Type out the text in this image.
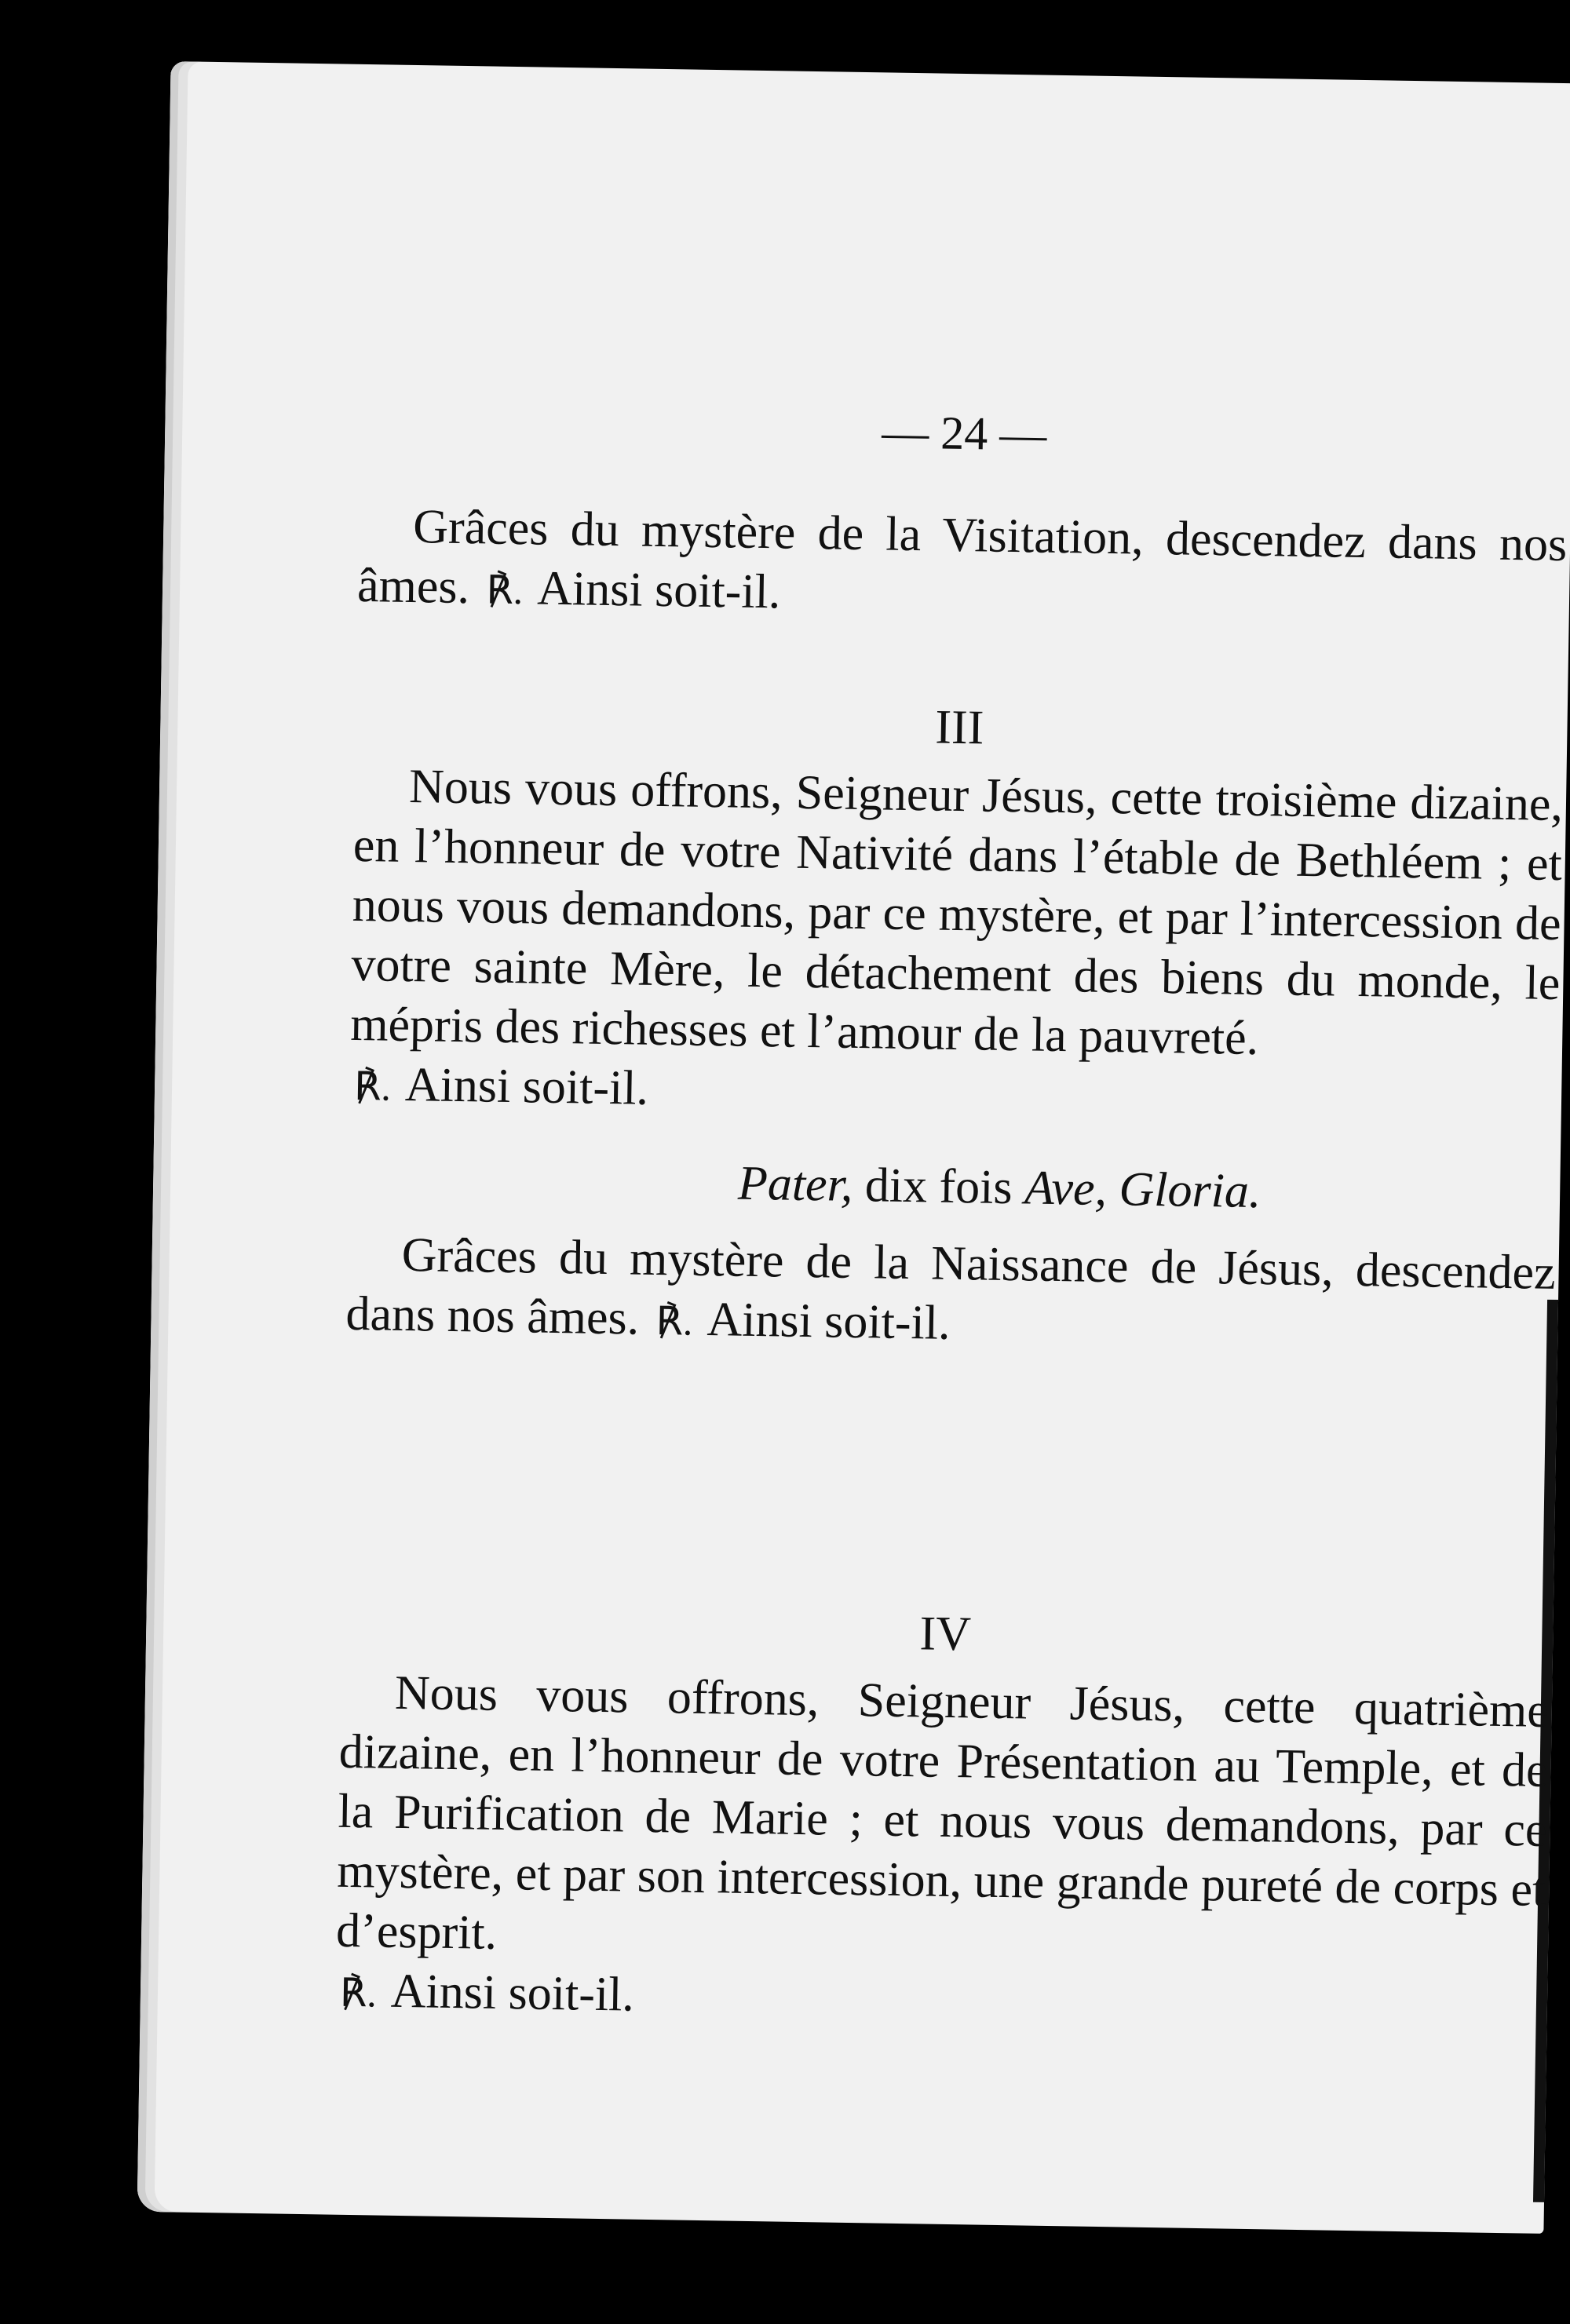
— 24 —

Grâces du mystère de la Visitation, descendez dans nos âmes. ℟. Ainsi soit-il.

III

Nous vous offrons, Seigneur Jésus, cette troisième dizaine, en l’honneur de votre Nativité dans l’étable de Bethléem ; et nous vous demandons, par ce mystère, et par l’intercession de votre sainte Mère, le détachement des biens du monde, le mépris des richesses et l’amour de la pauvreté.
℟. Ainsi soit-il.

Pater, dix fois Ave, Gloria.

Grâces du mystère de la Naissance de Jésus, descendez dans nos âmes. ℟. Ainsi soit-il.

IV

Nous vous offrons, Seigneur Jésus, cette quatrième dizaine, en l’honneur de votre Présentation au Temple, et de la Purification de Marie ; et nous vous demandons, par ce mystère, et par son intercession, une grande pureté de corps et d’esprit.
℟. Ainsi soit-il.
